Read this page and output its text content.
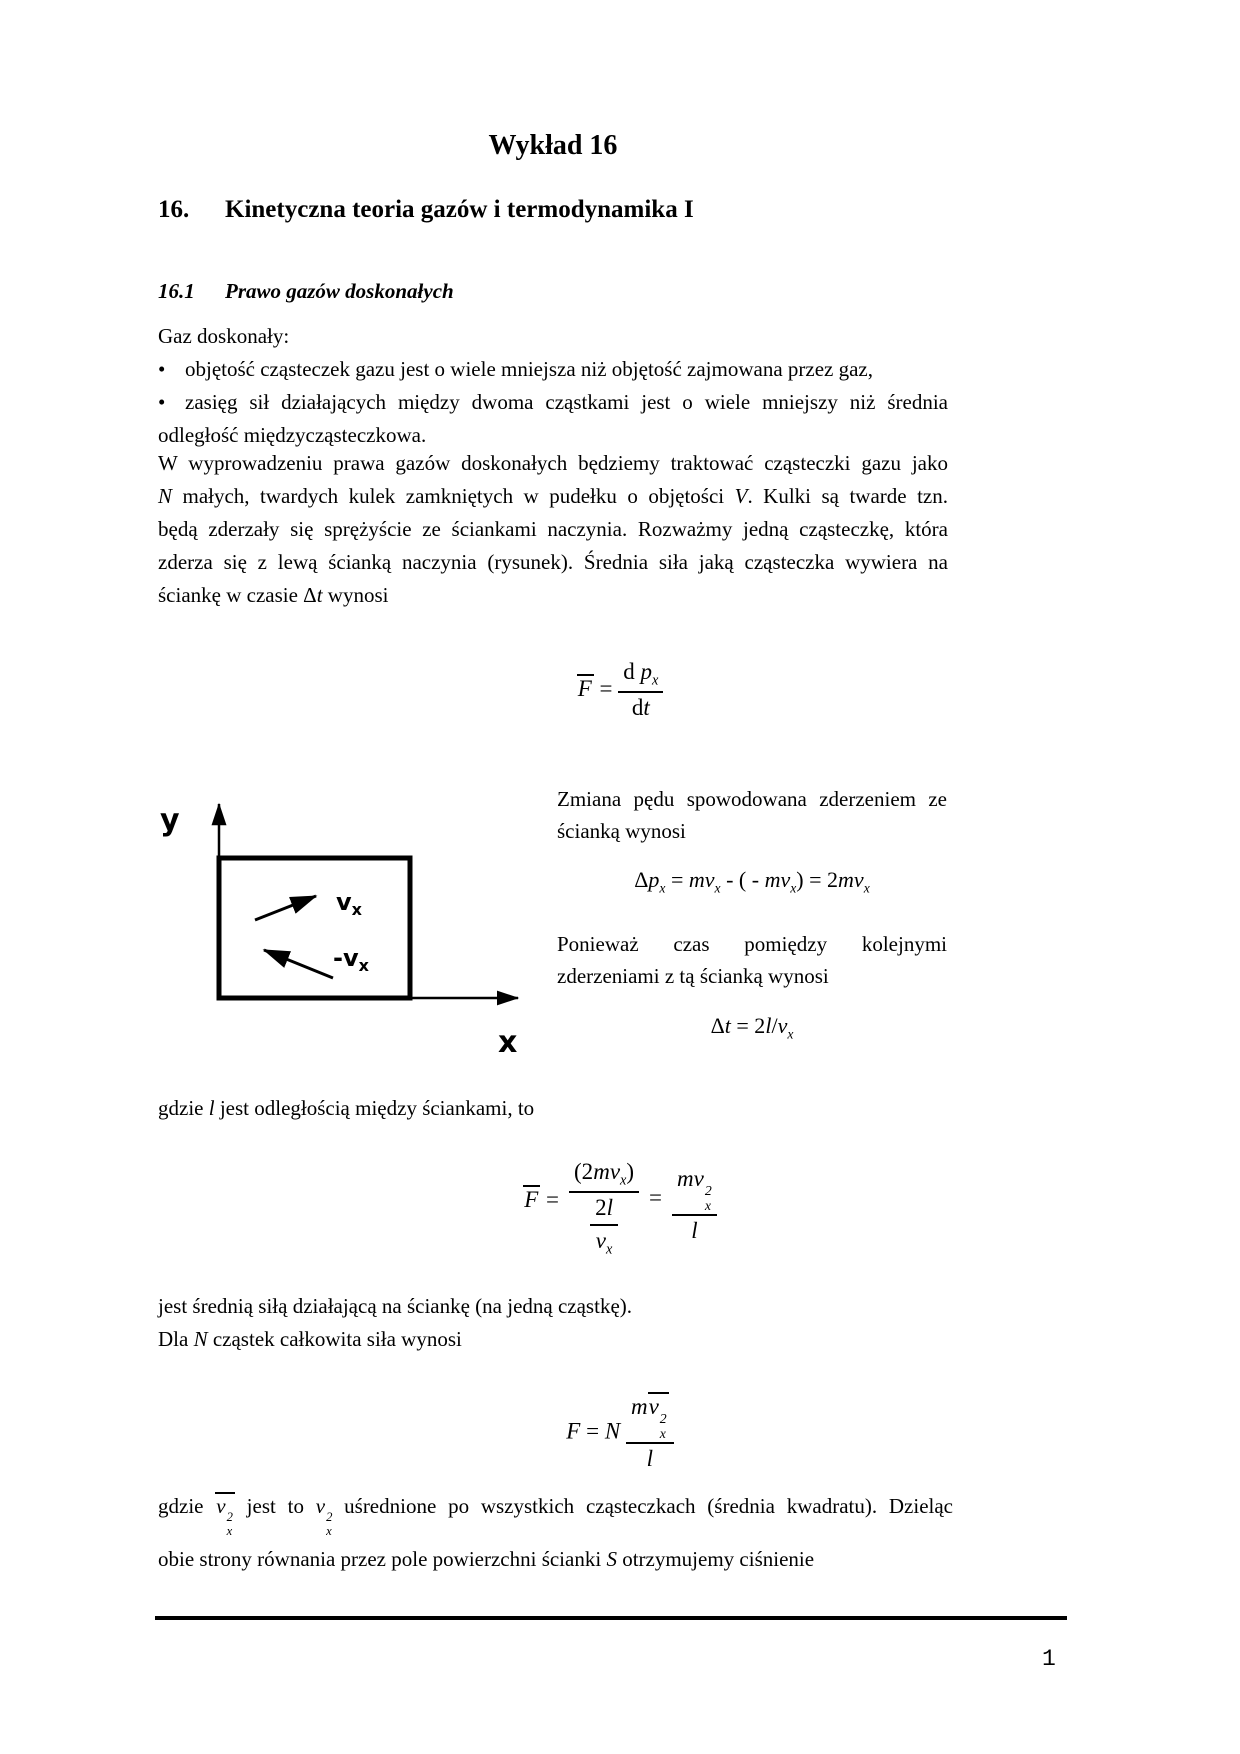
Wykład 16
16.	Kinetyczna teoria gazów i termodynamika I
16.1	Prawo gazów doskonałych
Gaz doskonały:
• objętość cząsteczek gazu jest o wiele mniejsza niż objętość zajmowana przez gaz,
• zasięg sił działających między dwoma cząstkami jest o wiele mniejszy niż średnia
odległość międzycząsteczkowa.
W wyprowadzeniu prawa gazów doskonałych będziemy traktować cząsteczki gazu jako
N małych, twardych kulek zamkniętych w pudełku o objętości V. Kulki są twarde tzn.
będą zderzały się sprężyście ze ściankami naczynia. Rozważmy jedną cząsteczkę, która
zderza się z lewą ścianką naczynia (rysunek). Średnia siła jaką cząsteczka wywiera na
ściankę w czasie Δt wynosi
$F = \frac{d p_x}{dt}$
y
$v_x$
$-v_x$
x
Zmiana pędu spowodowana zderzeniem ze
ścianką wynosi
$\Delta p_x = mv_x$ - ( - $mv_x) = 2mv_x$
Ponieważ czas pomiędzy kolejnymi
zderzeniami z tą ścianką wynosi
$\Delta t = 2l/v_x$
gdzie l jest odległością między ściankami, to
$F = \frac{(2mv_x)}{\frac{2l}{v_x}}$ = mv 2
x
l
jest średnią siłą działającą na ściankę (na jedną cząstkę).
Dla N cząstek całkowita siła wynosi
F = N mv 2
x
l
gdzie v 2
x
jest to v 2
x
uśrednione po wszystkich cząsteczkach (średnia kwadratu). Dzieląc
obie strony równania przez pole powierzchni ścianki S otrzymujemy ciśnienie
1
